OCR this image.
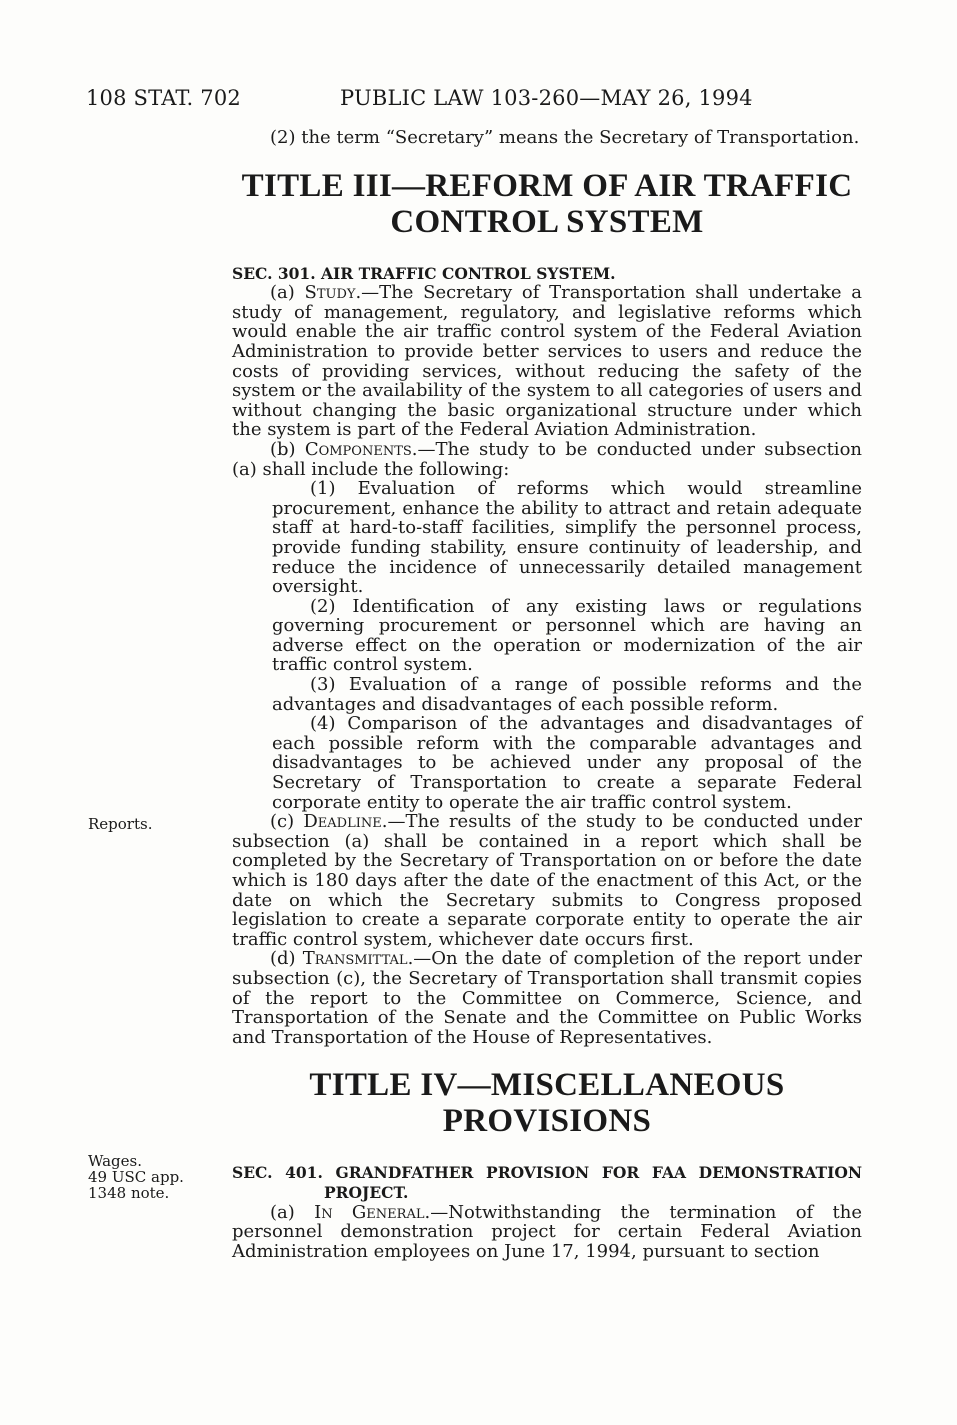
108 STAT. 702	PUBLIC LAW 103-260—MAY 26, 1994
Reports.
Wages.
49 USC app.
1348 note.

(2) the term “Secretary” means the Secretary of Transportation.

TITLE III—REFORM OF AIR TRAFFIC
CONTROL SYSTEM

SEC. 301. AIR TRAFFIC CONTROL SYSTEM.

(a) Study.—The Secretary of Transportation shall undertake a study of management, regulatory, and legislative reforms which would enable the air traffic control system of the Federal Aviation Administration to provide better services to users and reduce the costs of providing services, without reducing the safety of the system or the availability of the system to all categories of users and without changing the basic organizational structure under which the system is part of the Federal Aviation Administration.

(b) Components.—The study to be conducted under subsection (a) shall include the following:

(1) Evaluation of reforms which would streamline procurement, enhance the ability to attract and retain adequate staff at hard-to-staff facilities, simplify the personnel process, provide funding stability, ensure continuity of leadership, and reduce the incidence of unnecessarily detailed management oversight.

(2) Identification of any existing laws or regulations governing procurement or personnel which are having an adverse effect on the operation or modernization of the air traffic control system.

(3) Evaluation of a range of possible reforms and the advantages and disadvantages of each possible reform.

(4) Comparison of the advantages and disadvantages of each possible reform with the comparable advantages and disadvantages to be achieved under any proposal of the Secretary of Transportation to create a separate Federal corporate entity to operate the air traffic control system.

(c) Deadline.—The results of the study to be conducted under subsection (a) shall be contained in a report which shall be completed by the Secretary of Transportation on or before the date which is 180 days after the date of the enactment of this Act, or the date on which the Secretary submits to Congress proposed legislation to create a separate corporate entity to operate the air traffic control system, whichever date occurs first.

(d) Transmittal.—On the date of completion of the report under subsection (c), the Secretary of Transportation shall transmit copies of the report to the Committee on Commerce, Science, and Transportation of the Senate and the Committee on Public Works and Transportation of the House of Representatives.

TITLE IV—MISCELLANEOUS
PROVISIONS

SEC. 401. GRANDFATHER PROVISION FOR FAA DEMONSTRATION PROJECT.

(a) In General.—Notwithstanding the termination of the personnel demonstration project for certain Federal Aviation Administration employees on June 17, 1994, pursuant to section
